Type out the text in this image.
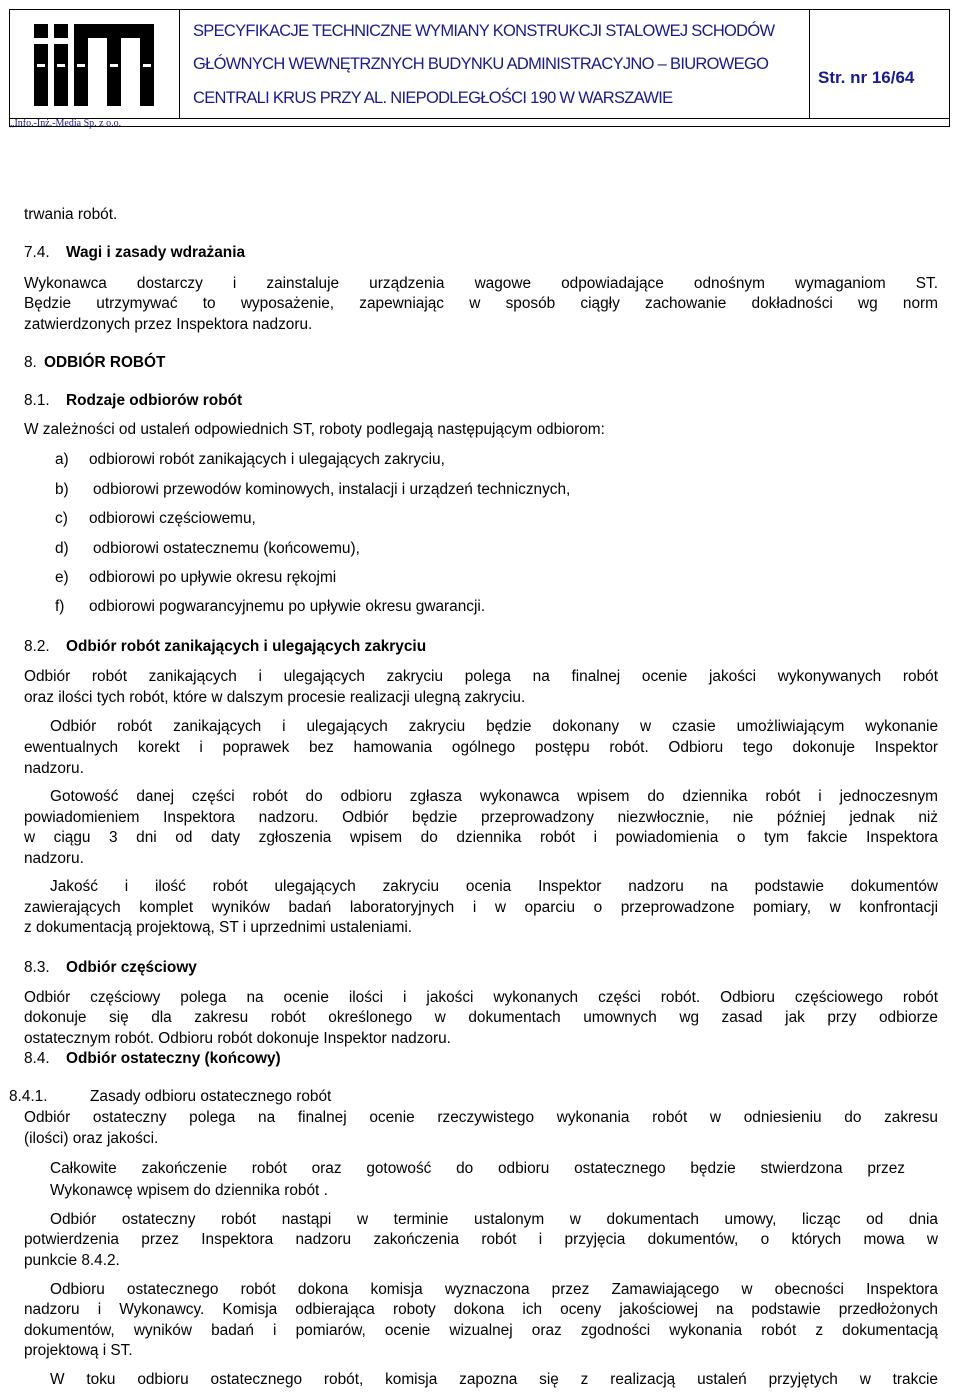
SPECYFIKACJE TECHNICZNE WYMIANY KONSTRUKCJI STALOWEJ SCHODÓW
GŁÓWNYCH WEWNĘTRZNYCH BUDYNKU ADMINISTRACYJNO – BIUROWEGO
CENTRALI KRUS PRZY AL. NIEPODLEGŁOŚCI 190 W WARSZAWIE
Str. nr 16/64
„Info.-Inż.-Media Sp. z o.o.
trwania robót.
7.4. Wagi i zasady wdrażania
Wykonawca dostarczy i zainstaluje urządzenia wagowe odpowiadające odnośnym wymaganiom ST.
Będzie utrzymywać to wyposażenie, zapewniając w sposób ciągły zachowanie dokładności wg norm
zatwierdzonych przez Inspektora nadzoru.
8. ODBIÓR ROBÓT
8.1. Rodzaje odbiorów robót
W zależności od ustaleń odpowiednich ST, roboty podlegają następującym odbiorom:
a) odbiorowi robót zanikających i ulegających zakryciu,
b) odbiorowi przewodów kominowych, instalacji i urządzeń technicznych,
c) odbiorowi częściowemu,
d) odbiorowi ostatecznemu (końcowemu),
e) odbiorowi po upływie okresu rękojmi
f) odbiorowi pogwarancyjnemu po upływie okresu gwarancji.
8.2. Odbiór robót zanikających i ulegających zakryciu
Odbiór robót zanikających i ulegających zakryciu polega na finalnej ocenie jakości wykonywanych robót
oraz ilości tych robót, które w dalszym procesie realizacji ulegną zakryciu.
Odbiór robót zanikających i ulegających zakryciu będzie dokonany w czasie umożliwiającym wykonanie
ewentualnych korekt i poprawek bez hamowania ogólnego postępu robót. Odbioru tego dokonuje Inspektor
nadzoru.
Gotowość danej części robót do odbioru zgłasza wykonawca wpisem do dziennika robót i jednoczesnym
powiadomieniem Inspektora nadzoru. Odbiór będzie przeprowadzony niezwłocznie, nie później jednak niż
w ciągu 3 dni od daty zgłoszenia wpisem do dziennika robót i powiadomienia o tym fakcie Inspektora
nadzoru.
Jakość i ilość robót ulegających zakryciu ocenia Inspektor nadzoru na podstawie dokumentów
zawierających komplet wyników badań laboratoryjnych i w oparciu o przeprowadzone pomiary, w konfrontacji
z dokumentacją projektową, ST i uprzednimi ustaleniami.
8.3. Odbiór częściowy
Odbiór częściowy polega na ocenie ilości i jakości wykonanych części robót. Odbioru częściowego robót
dokonuje się dla zakresu robót określonego w dokumentach umownych wg zasad jak przy odbiorze
ostatecznym robót. Odbioru robót dokonuje Inspektor nadzoru.
8.4. Odbiór ostateczny (końcowy)
8.4.1.	Zasady odbioru ostatecznego robót
Odbiór ostateczny polega na finalnej ocenie rzeczywistego wykonania robót w odniesieniu do zakresu
(ilości) oraz jakości.
Całkowite zakończenie robót oraz gotowość do odbioru ostatecznego będzie stwierdzona przez
Wykonawcę wpisem do dziennika robót .
Odbiór ostateczny robót nastąpi w terminie ustalonym w dokumentach umowy, licząc od dnia
potwierdzenia przez Inspektora nadzoru zakończenia robót i przyjęcia dokumentów, o których mowa w
punkcie 8.4.2.
Odbioru ostatecznego robót dokona komisja wyznaczona przez Zamawiającego w obecności Inspektora
nadzoru i Wykonawcy. Komisja odbierająca roboty dokona ich oceny jakościowej na podstawie przedłożonych
dokumentów, wyników badań i pomiarów, ocenie wizualnej oraz zgodności wykonania robót z dokumentacją
projektową i ST.
W toku odbioru ostatecznego robót, komisja zapozna się z realizacją ustaleń przyjętych w trakcie
